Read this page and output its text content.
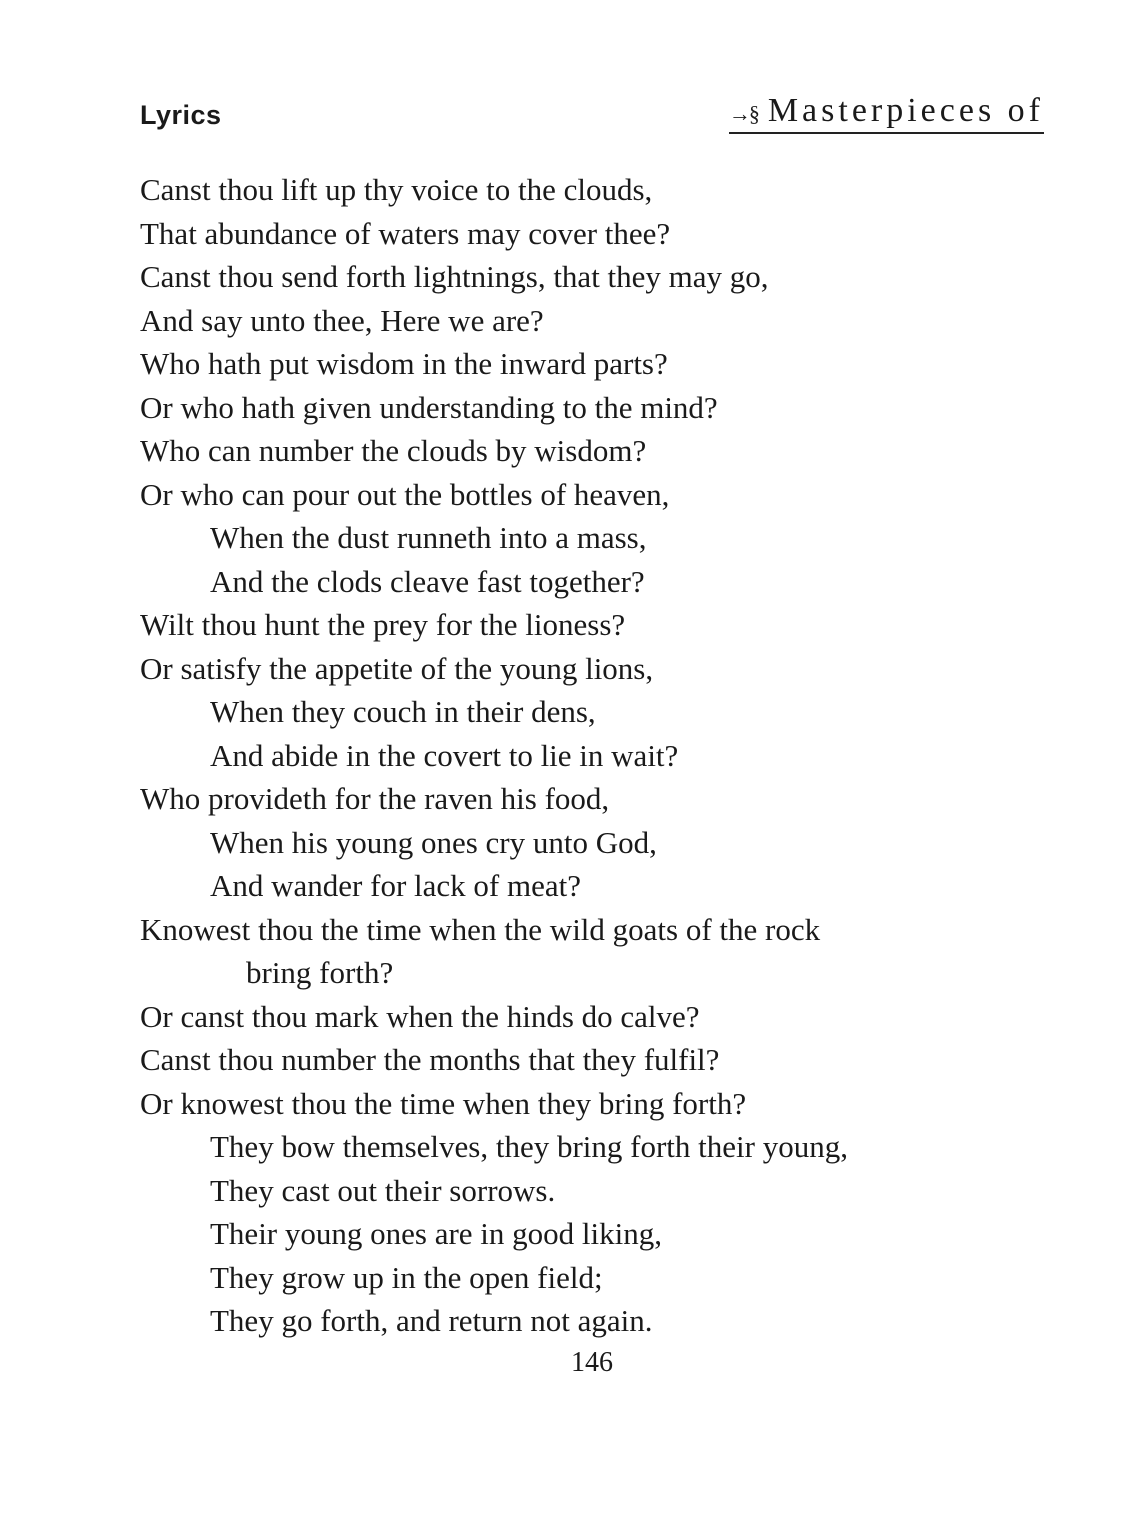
Lyrics	→§ Masterpieces of
Canst thou lift up thy voice to the clouds,
That abundance of waters may cover thee?
Canst thou send forth lightnings, that they may go,
And say unto thee, Here we are?
Who hath put wisdom in the inward parts?
Or who hath given understanding to the mind?
Who can number the clouds by wisdom?
Or who can pour out the bottles of heaven,
When the dust runneth into a mass,
And the clods cleave fast together?
Wilt thou hunt the prey for the lioness?
Or satisfy the appetite of the young lions,
When they couch in their dens,
And abide in the covert to lie in wait?
Who provideth for the raven his food,
When his young ones cry unto God,
And wander for lack of meat?
Knowest thou the time when the wild goats of the rock
bring forth?
Or canst thou mark when the hinds do calve?
Canst thou number the months that they fulfil?
Or knowest thou the time when they bring forth?
They bow themselves, they bring forth their young,
They cast out their sorrows.
Their young ones are in good liking,
They grow up in the open field;
They go forth, and return not again.
146
